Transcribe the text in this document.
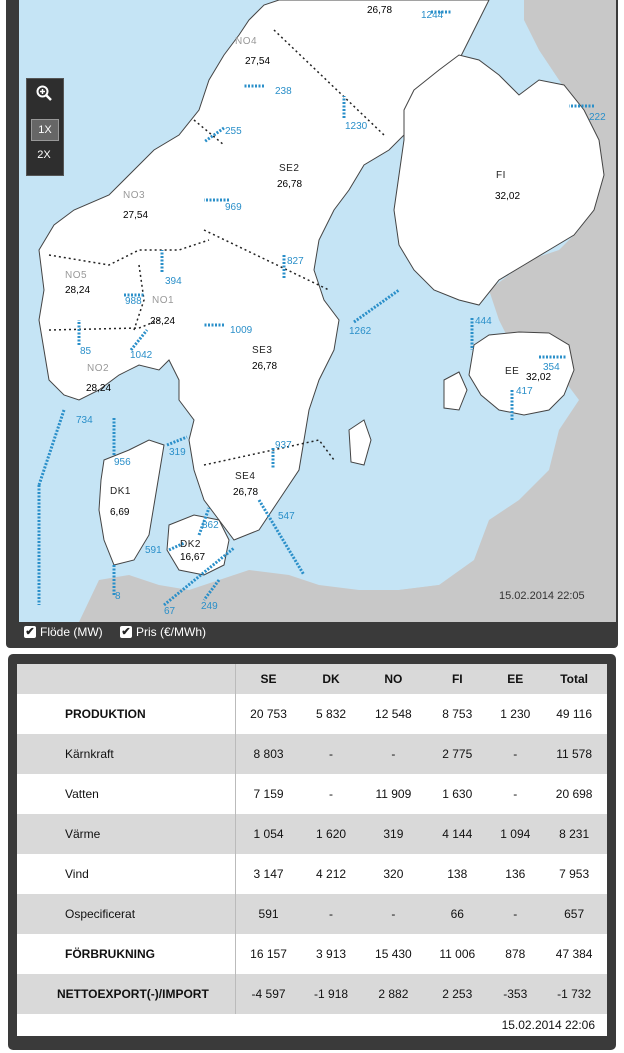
NO4
27,54
NO3
27,54
NO5
28,24
NO1
28,24
NO2
28,24
SE2
26,78
SE3
26,78
SE4
26,78
FI
32,02
EE
32,02
DK1
6,69
DK2
16,67
26,78	1244
238
255	1230
222
969
827
394
988
1009
85	1042
1262
444
354
417
734
956
319
937
862
591
547
8
67	249
15.02.2014 22:05
1X
2X
✔ Flöde (MW) ✔ Pris (€/MWh)
	SE	DK	NO	FI	EE	Total
PRODUKTION	20 753	5 832	12 548	8 753	1 230	49 116
Kärnkraft	8 803	-	-	2 775	-	11 578
Vatten	7 159	-	11 909	1 630	-	20 698
Värme	1 054	1 620	319	4 144	1 094	8 231
Vind	3 147	4 212	320	138	136	7 953
Ospecificerat	591	-	-	66	-	657
FÖRBRUKNING	16 157	3 913	15 430	11 006	878	47 384
NETTOEXPORT(-)/IMPORT	-4 597	-1 918	2 882	2 253	-353	-1 732
15.02.2014 22:06
